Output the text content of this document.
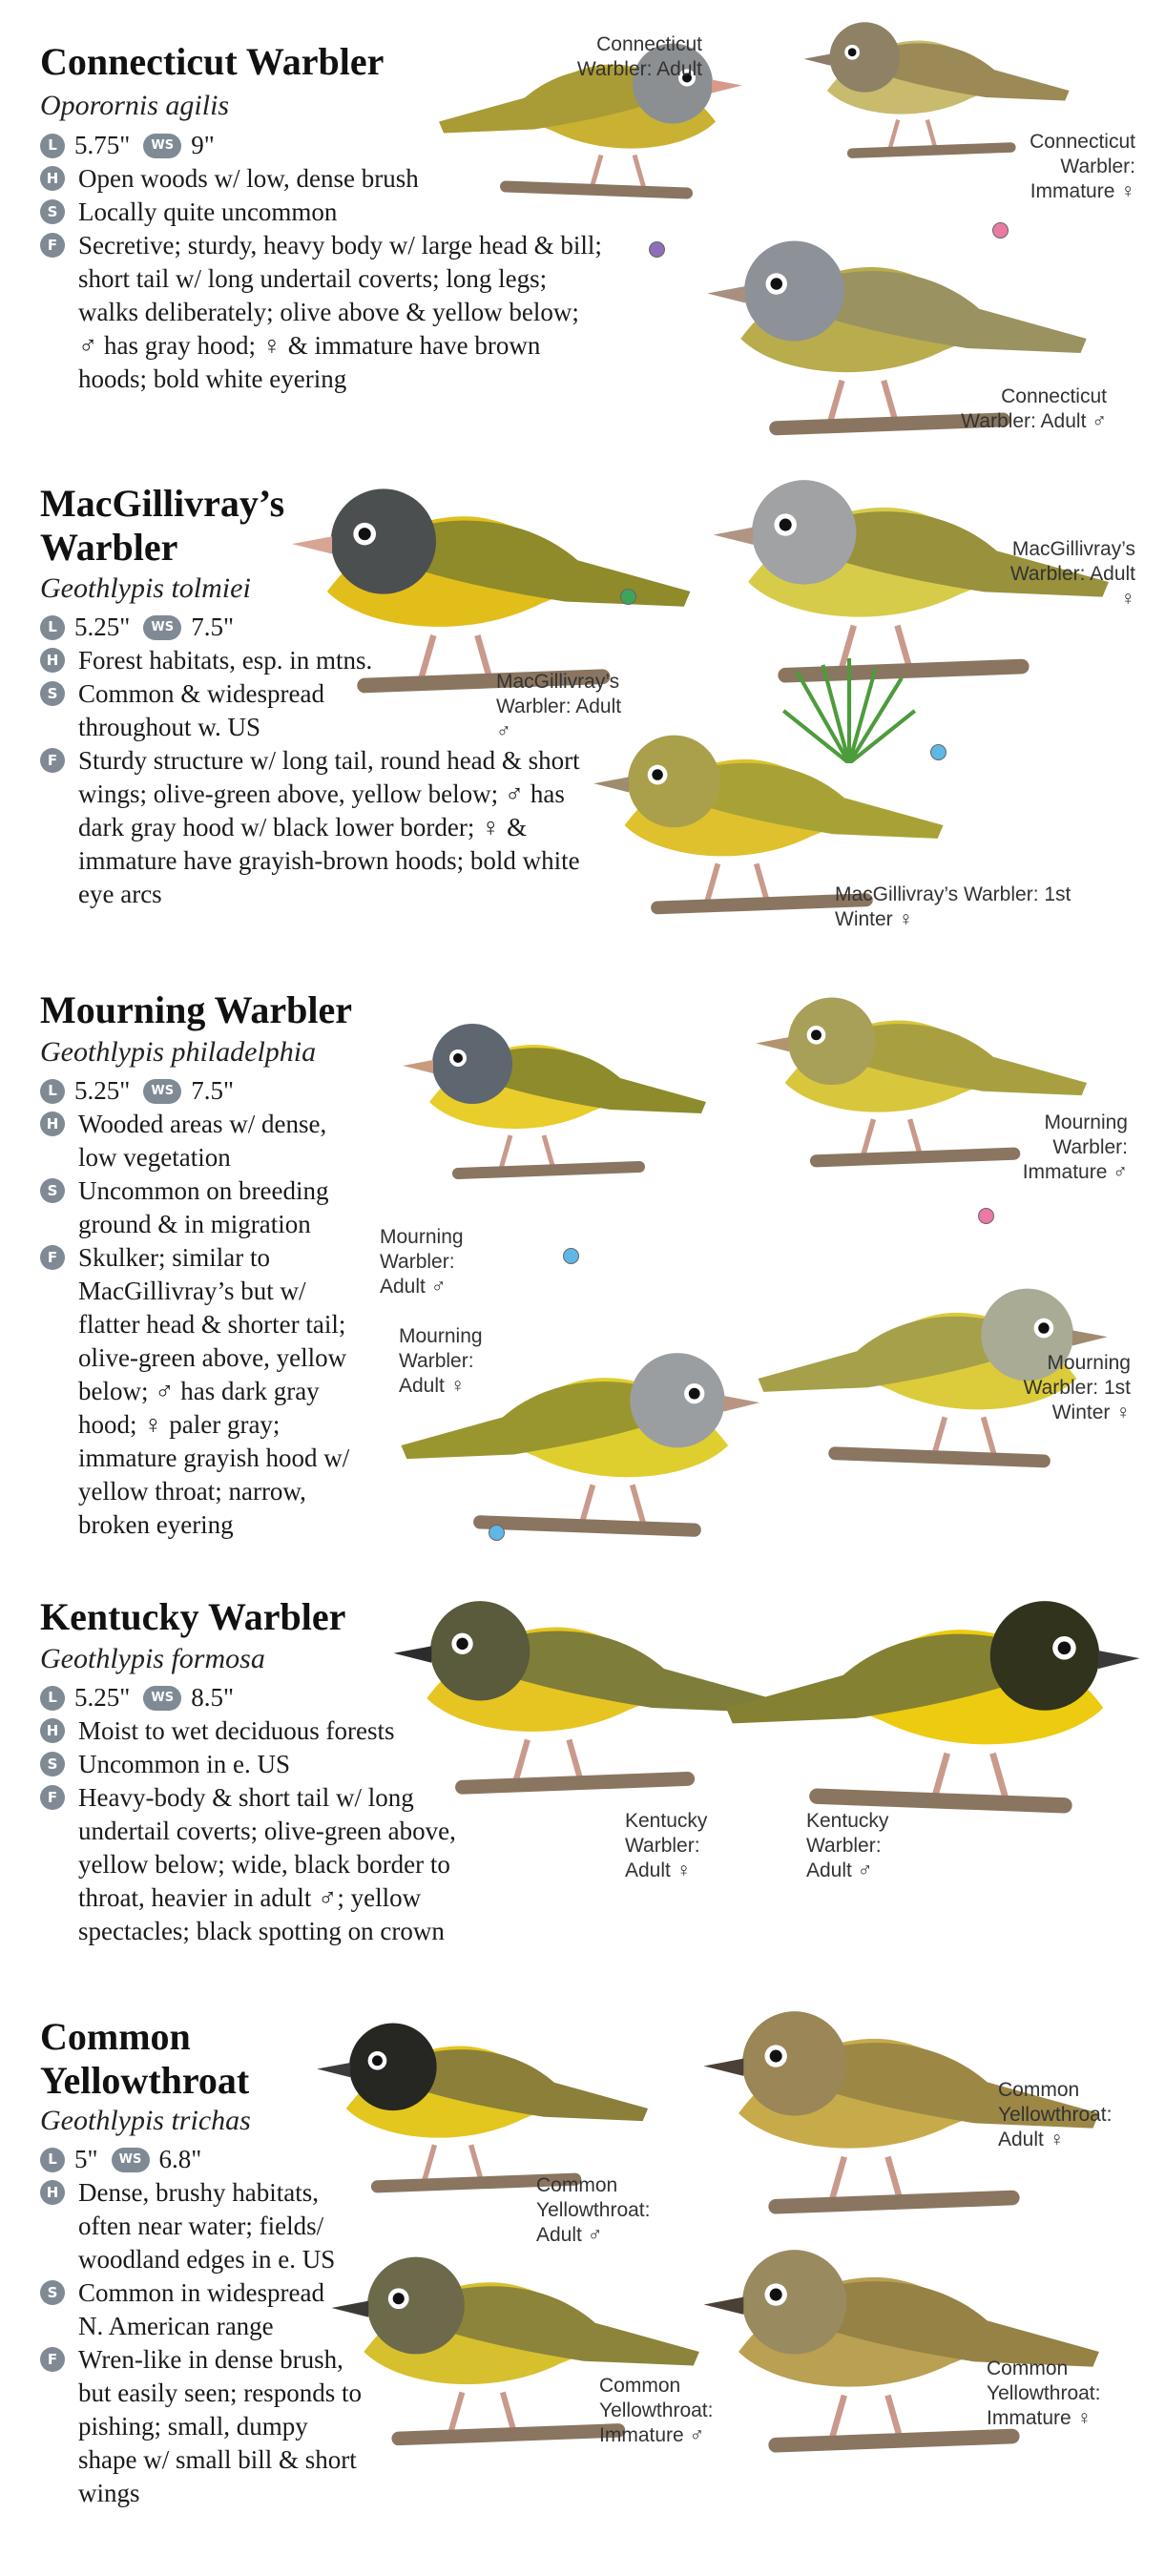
Connecticut Warbler
Oporornis agilis
L 5.75"	WS 9"
H Open woods w/ low, dense brush
S Locally quite uncommon
F Secretive; sturdy, heavy body w/ large head & bill; short tail w/ long undertail coverts; long legs; walks deliberately; olive above & yellow below; ♂ has gray hood; ♀ & immature have brown hoods; bold white eyering
Connecticut Warbler: Adult
Connecticut Warbler: Immature ♀
Connecticut Warbler: Adult ♂
MacGillivray’s Warbler
Geothlypis tolmiei
L 5.25"	WS 7.5"
H Forest habitats, esp. in mtns.
S Common & widespread throughout w. US
F Sturdy structure w/ long tail, round head & short wings; olive-green above, yellow below; ♂ has dark gray hood w/ black lower border; ♀ & immature have grayish-brown hoods; bold white eye arcs
MacGillivray’s Warbler: Adult ♂
MacGillivray’s Warbler: Adult ♀
MacGillivray’s Warbler: 1st Winter ♀
Mourning Warbler
Geothlypis philadelphia
L 5.25"	WS 7.5"
H Wooded areas w/ dense, low vegetation
S Uncommon on breeding ground & in migration
F Skulker; similar to MacGillivray’s but w/ flatter head & shorter tail; olive-green above, yellow below; ♂ has dark gray hood; ♀ paler gray; immature grayish hood w/ yellow throat; narrow, broken eyering
Mourning Warbler: Adult ♂
Mourning Warbler: Immature ♂
Mourning Warbler: Adult ♀
Mourning Warbler: 1st Winter ♀
Kentucky Warbler
Geothlypis formosa
L 5.25"	WS 8.5"
H Moist to wet deciduous forests
S Uncommon in e. US
F Heavy-body & short tail w/ long undertail coverts; olive-green above, yellow below; wide, black border to throat, heavier in adult ♂; yellow spectacles; black spotting on crown
Kentucky Warbler: Adult ♀
Kentucky Warbler: Adult ♂
Common Yellowthroat
Geothlypis trichas
L 5"	WS 6.8"
H Dense, brushy habitats, often near water; fields/ woodland edges in e. US
S Common in widespread N. American range
F Wren-like in dense brush, but easily seen; responds to pishing; small, dumpy shape w/ small bill & short wings
Common Yellowthroat: Adult ♂
Common Yellowthroat: Adult ♀
Common Yellowthroat: Immature ♂
Common Yellowthroat: Immature ♀
